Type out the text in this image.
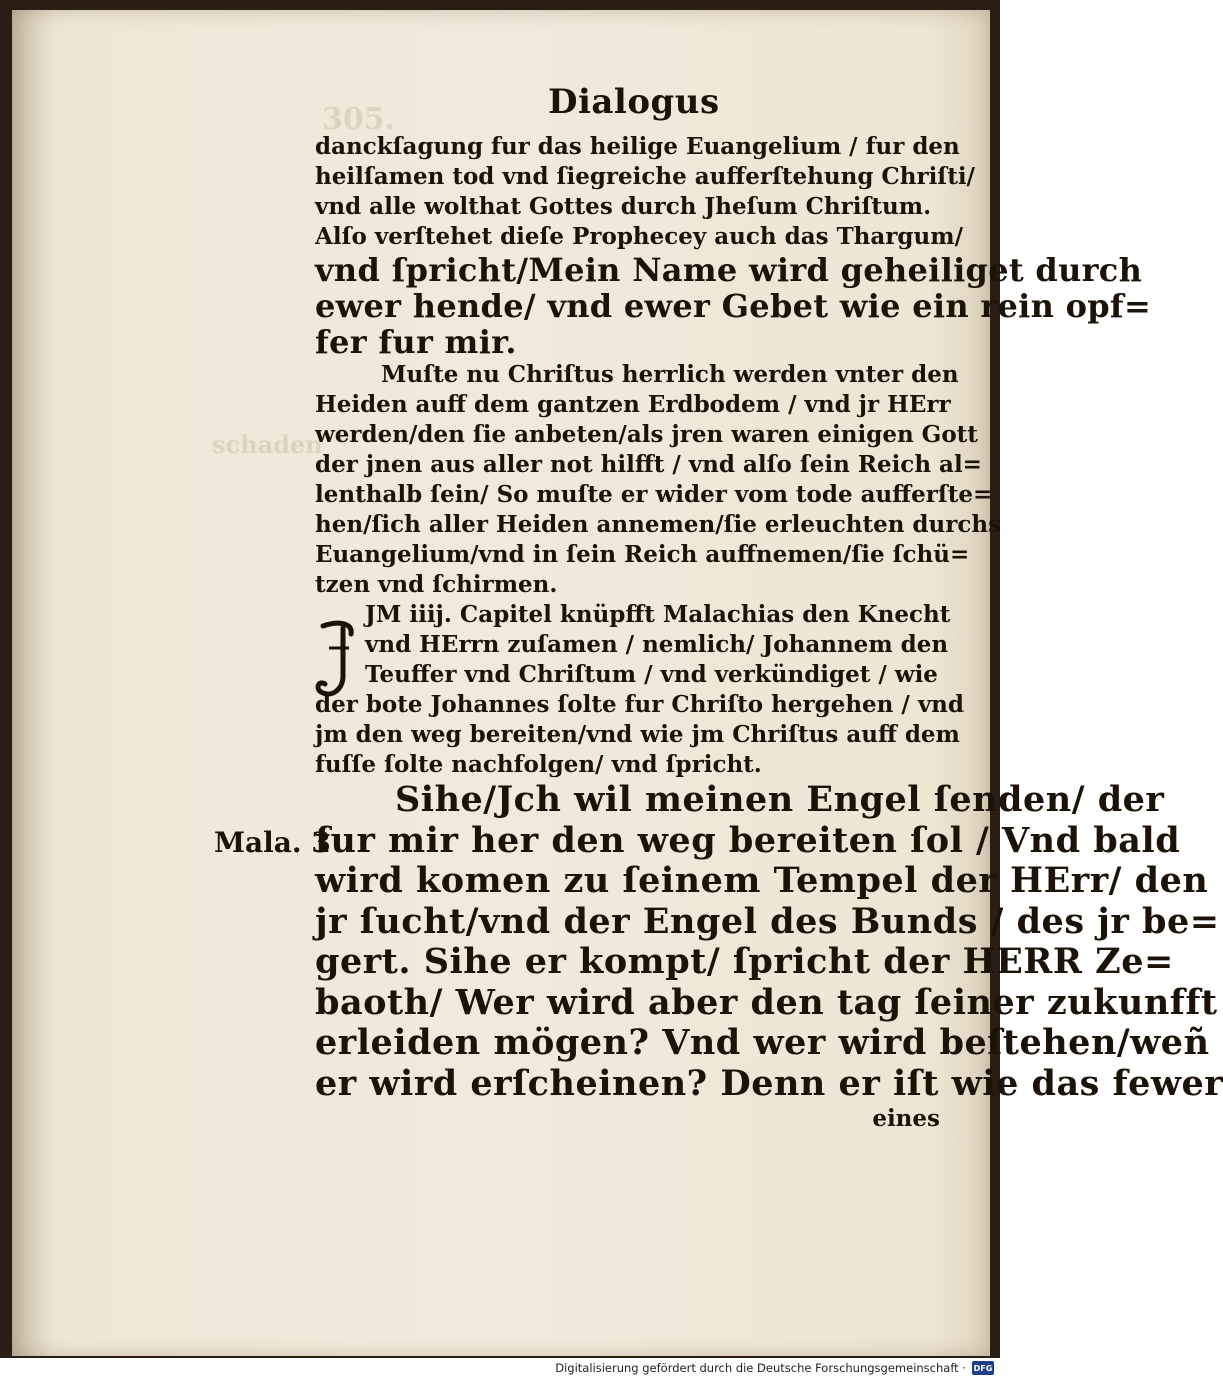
305.
schaden
Dialogus
danckſagung fur das heilige Euangelium / fur den
heilſamen tod vnd ſiegreiche aufferſtehung Chriſti/
vnd alle wolthat Gottes durch Jheſum Chriſtum.
Alſo verſtehet dieſe Prophecey auch das Thargum/
vnd ſpricht/Mein Name wird geheiliget durch
ewer hende/ vnd ewer Gebet wie ein rein opf=
fer fur mir.
Muſte nu Chriſtus herrlich werden vnter den
Heiden auff dem gantzen Erdbodem / vnd jr HErr
werden/den ſie anbeten/als jren waren einigen Gott
der jnen aus aller not hilfft / vnd alſo ſein Reich al=
lenthalb ſein/ So muſte er wider vom tode aufferſte=
hen/ſich aller Heiden annemen/ſie erleuchten durchs
Euangelium/vnd in ſein Reich auffnemen/ſie ſchü=
tzen vnd ſchirmen.
JM iiij. Capitel knüpfft Malachias den Knecht
vnd HErrn zuſamen / nemlich/ Johannem den
Teuffer vnd Chriſtum / vnd verkündiget / wie
der bote Johannes ſolte fur Chriſto hergehen / vnd
jm den weg bereiten/vnd wie jm Chriſtus auff dem
fuſſe ſolte nachfolgen/ vnd ſpricht.
Sihe/Jch wil meinen Engel ſenden/ der
fur mir her den weg bereiten ſol / Vnd bald
wird komen zu ſeinem Tempel der HErr/ den
jr ſucht/vnd der Engel des Bunds / des jr be=
gert. Sihe er kompt/ ſpricht der HERR Ze=
baoth/ Wer wird aber den tag ſeiner zukunfft
erleiden mögen? Vnd wer wird beſtehen/weñ
er wird erſcheinen? Denn er iſt wie das fewer
eines
Mala. 3
Digitalisierung gefördert durch die Deutsche Forschungsgemeinschaft · DFG
